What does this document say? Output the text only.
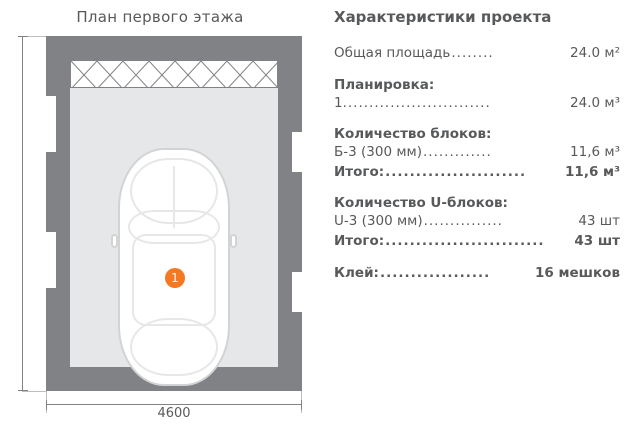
План первого этажа
1
4600
Характеристики проекта
Общая площадь ........	24.0 м²
Планировка:
1. ...........................	24.0 м³
Количество блоков:
Б-3 (300 мм) .............	11,6 м³
Итого: .......................	11,6 м³
Количество U-блоков:
U-3 (300 мм) ...............	43 шт
Итого: ..........................	43 шт
Клей: ..................	16 мешков
